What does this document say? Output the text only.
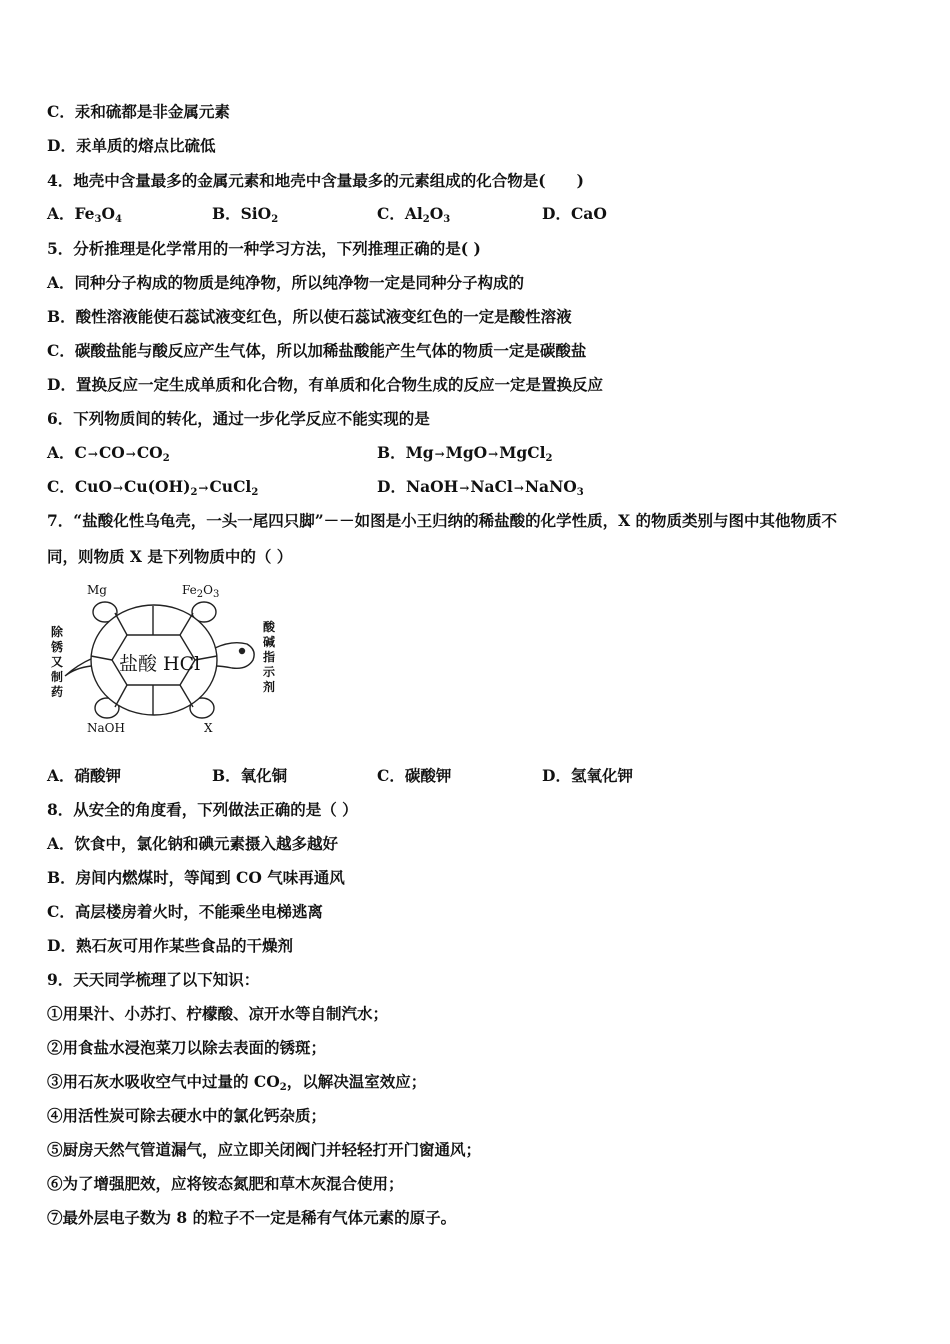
C．汞和硫都是非金属元素
D．汞单质的熔点比硫低
4．地壳中含量最多的金属元素和地壳中含量最多的元素组成的化合物是(　　)
A．$Fe_3O_4$	B．SiO$_2$	C．$Al_2O_3$	D．CaO
5．分析推理是化学常用的一种学习方法，下列推理正确的是( )
A．同种分子构成的物质是纯净物，所以纯净物一定是同种分子构成的
B．酸性溶液能使石蕊试液变红色，所以使石蕊试液变红色的一定是酸性溶液
C．碳酸盐能与酸反应产生气体，所以加稀盐酸能产生气体的物质一定是碳酸盐
D．置换反应一定生成单质和化合物，有单质和化合物生成的反应一定是置换反应
6．下列物质间的转化，通过一步化学反应不能实现的是
A．$C\to CO\to CO_2$	B．Mg→MgO→MgCl$_2$
C．$CuO\to Cu(OH)_2\to CuCl_2$	D．NaOH→NaCl→NaNO$_3$
7．“盐酸化性乌龟壳，一头一尾四只脚”－－如图是小王归纳的稀盐酸的化学性质，X 的物质类别与图中其他物质不
同，则物质 X 是下列物质中的（ ）
盐酸 HCl
Mg	$Fe_2O_3$
NaOH	X
除锈又制药
酸碱指示剂
A．硝酸钾	B．氧化铜	C．碳酸钾	D．氢氧化钾
8．从安全的角度看，下列做法正确的是（ ）
A．饮食中，氯化钠和碘元素摄入越多越好
B．房间内燃煤时，等闻到 CO 气味再通风
C．高层楼房着火时，不能乘坐电梯逃离
D．熟石灰可用作某些食品的干燥剂
9．天天同学梳理了以下知识：
①用果汁、小苏打、柠檬酸、凉开水等自制汽水；
②用食盐水浸泡菜刀以除去表面的锈斑；
③用石灰水吸收空气中过量的 $CO_2$，以解决温室效应；
④用活性炭可除去硬水中的氯化钙杂质；
⑤厨房天然气管道漏气，应立即关闭阀门并轻轻打开门窗通风；
⑥为了增强肥效，应将铵态氮肥和草木灰混合使用；
⑦最外层电子数为 8 的粒子不一定是稀有气体元素的原子。
